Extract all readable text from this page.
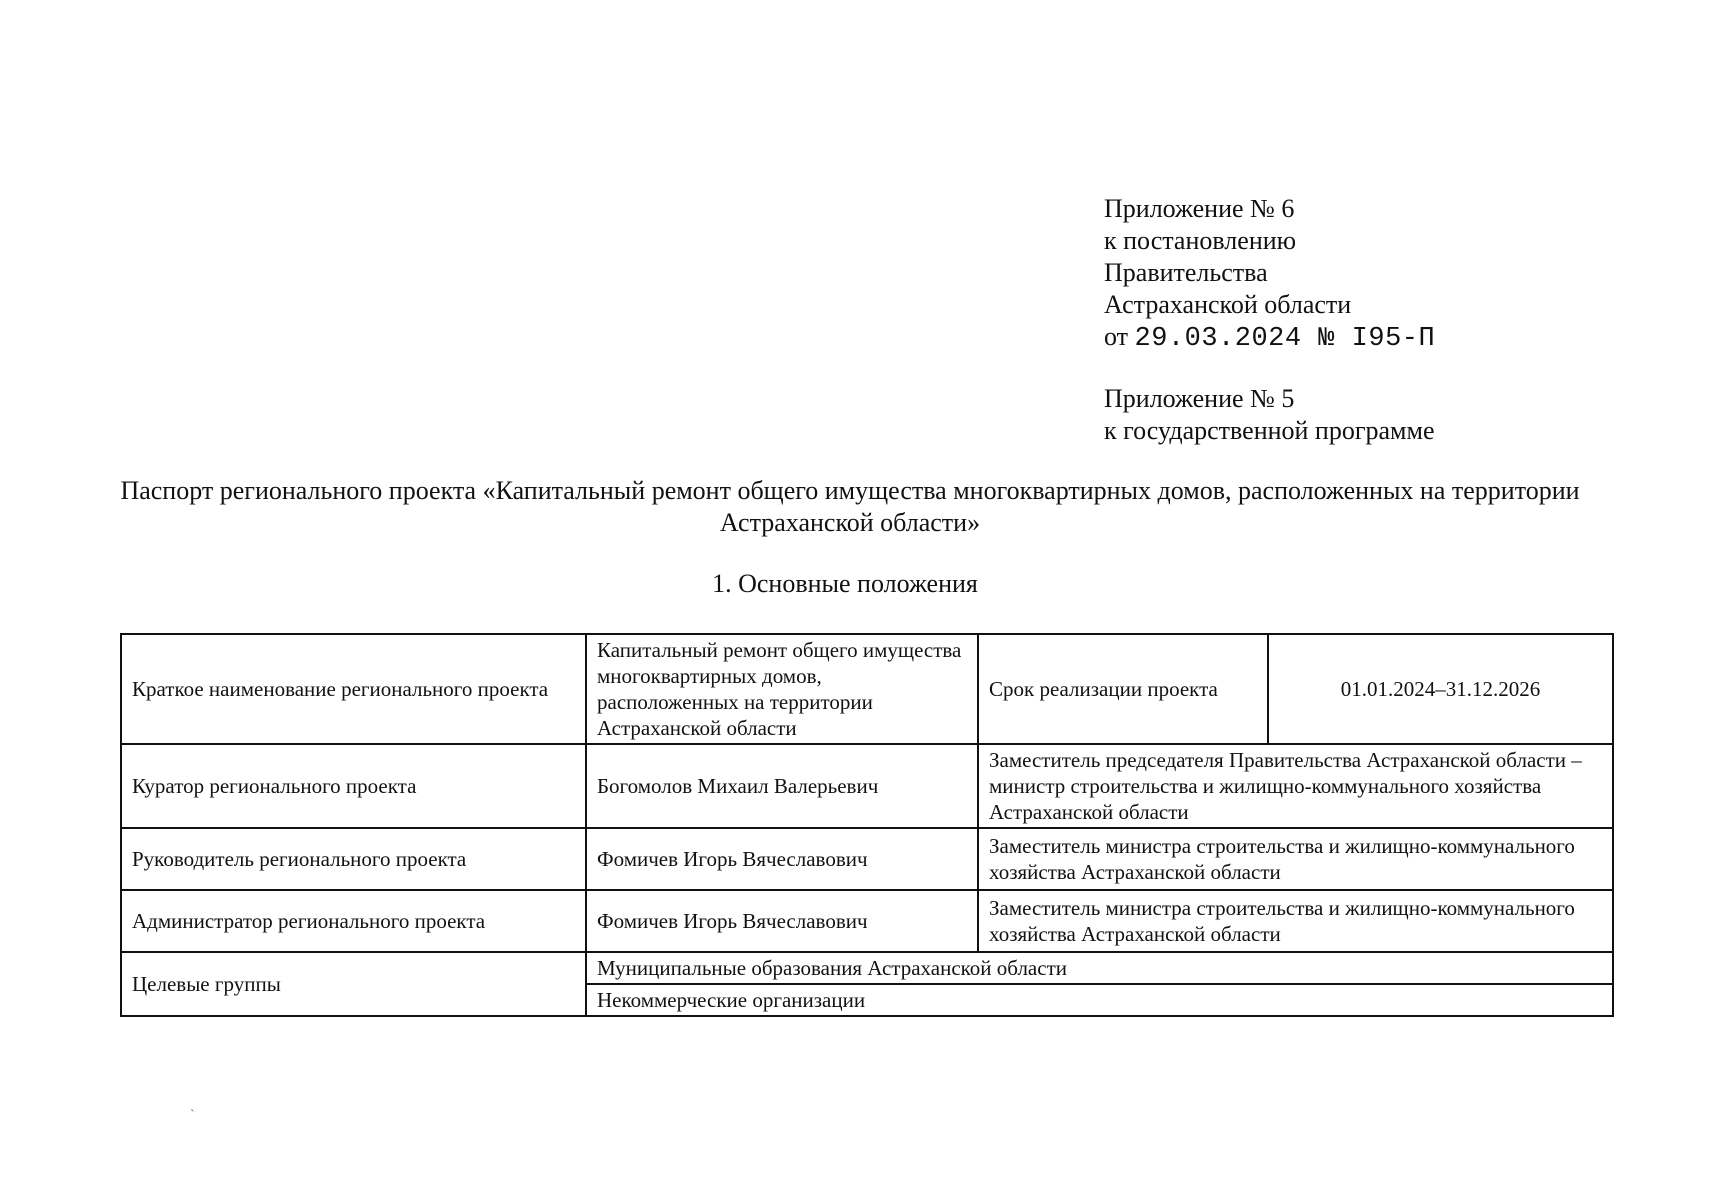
Приложение № 6
к постановлению
Правительства
Астраханской области
от 29.03.2024 № I95-П
Приложение № 5
к государственной программе
Паспорт регионального проекта «Капитальный ремонт общего имущества многоквартирных домов, расположенных на территории Астраханской области»
1. Основные положения
Краткое наименование регионального проекта	Капитальный ремонт общего имущества многоквартирных домов, расположенных на территории Астраханской области	Срок реализации проекта	01.01.2024–31.12.2026
Куратор регионального проекта	Богомолов Михаил Валерьевич	Заместитель председателя Правительства Астраханской области – министр строительства и жилищно-коммунального хозяйства Астраханской области	
Руководитель регионального проекта	Фомичев Игорь Вячеславович	Заместитель министра строительства и жилищно-коммунального хозяйства Астраханской области	
Администратор регионального проекта	Фомичев Игорь Вячеславович	Заместитель министра строительства и жилищно-коммунального хозяйства Астраханской области	
Целевые группы	Муниципальные образования Астраханской области		
	Некоммерческие организации		
ˋ
